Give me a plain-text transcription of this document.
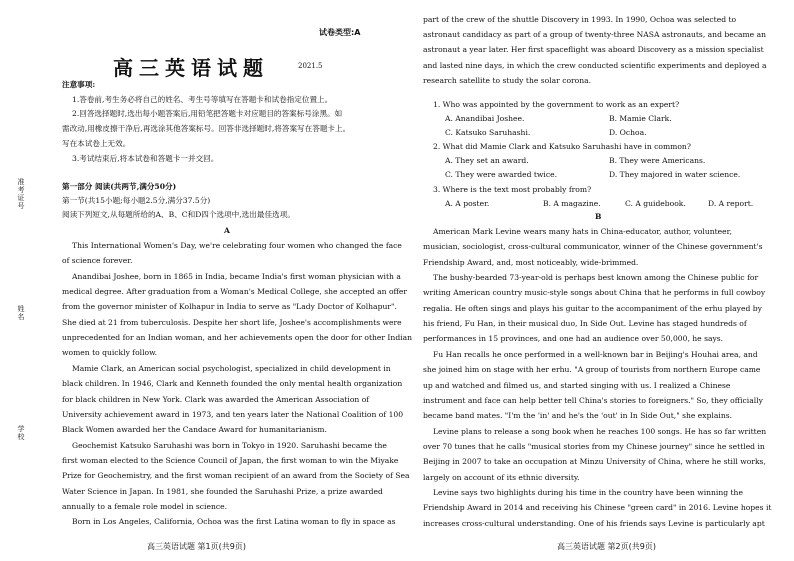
准考证号
姓名
学校
试卷类型:A
高三英语试题	2021.5
注意事项:
1.答卷前,考生务必将自己的姓名、考生号等填写在答题卡和试卷指定位置上。
2.回答选择题时,选出每小题答案后,用铅笔把答题卡对应题目的答案标号涂黑。如
需改动,用橡皮擦干净后,再选涂其他答案标号。回答非选择题时,将答案写在答题卡上。
写在本试卷上无效。
3.考试结束后,将本试卷和答题卡一并交回。
第一部分 阅读(共两节,满分50分)
第一节(共15小题;每小题2.5分,满分37.5分)
阅读下列短文,从每题所给的A、B、C和D四个选项中,选出最佳选项。
A
This International Women's Day, we're celebrating four women who changed the face
of science forever.
Anandibai Joshee, born in 1865 in India, became India's first woman physician with a
medical degree. After graduation from a Woman's Medical College, she accepted an offer
from the governor minister of Kolhapur in India to serve as "Lady Doctor of Kolhapur".
She died at 21 from tuberculosis. Despite her short life, Joshee's accomplishments were
unprecedented for an Indian woman, and her achievements open the door for other Indian
women to quickly follow.
Mamie Clark, an American social psychologist, specialized in child development in
black children. In 1946, Clark and Kenneth founded the only mental health organization
for black children in New York. Clark was awarded the American Association of
University achievement award in 1973, and ten years later the National Coalition of 100
Black Women awarded her the Candace Award for humanitarianism.
Geochemist Katsuko Saruhashi was born in Tokyo in 1920. Saruhashi became the
first woman elected to the Science Council of Japan, the first woman to win the Miyake
Prize for Geochemistry, and the first woman recipient of an award from the Society of Sea
Water Science in Japan. In 1981, she founded the Saruhashi Prize, a prize awarded
annually to a female role model in science.
Born in Los Angeles, California, Ochoa was the first Latina woman to fly in space as
part of the crew of the shuttle Discovery in 1993. In 1990, Ochoa was selected to
astronaut candidacy as part of a group of twenty-three NASA astronauts, and became an
astronaut a year later. Her first spaceflight was aboard Discovery as a mission specialist
and lasted nine days, in which the crew conducted scientific experiments and deployed a
research satellite to study the solar corona.
1. Who was appointed by the government to work as an expert?
A. Anandibai Joshee.	B. Mamie Clark.
C. Katsuko Saruhashi.	D. Ochoa.
2. What did Mamie Clark and Katsuko Saruhashi have in common?
A. They set an award.	B. They were Americans.
C. They were awarded twice.	D. They majored in water science.
3. Where is the text most probably from?
A. A poster.	B. A magazine.	C. A guidebook.	D. A report.
B
American Mark Levine wears many hats in China-educator, author, volunteer,
musician, sociologist, cross-cultural communicator, winner of the Chinese government's
Friendship Award, and, most noticeably, wide-brimmed.
The bushy-bearded 73-year-old is perhaps best known among the Chinese public for
writing American country music-style songs about China that he performs in full cowboy
regalia. He often sings and plays his guitar to the accompaniment of the erhu played by
his friend, Fu Han, in their musical duo, In Side Out. Levine has staged hundreds of
performances in 15 provinces, and one had an audience over 50,000, he says.
Fu Han recalls he once performed in a well-known bar in Beijing's Houhai area, and
she joined him on stage with her erhu. "A group of tourists from northern Europe came
up and watched and filmed us, and started singing with us. I realized a Chinese
instrument and face can help better tell China's stories to foreigners." So, they officially
became band mates. "I'm the 'in' and he's the 'out' in In Side Out," she explains.
Levine plans to release a song book when he reaches 100 songs. He has so far written
over 70 tunes that he calls "musical stories from my Chinese journey" since he settled in
Beijing in 2007 to take an occupation at Minzu University of China, where he still works,
largely on account of its ethnic diversity.
Levine says two highlights during his time in the country have been winning the
Friendship Award in 2014 and receiving his Chinese "green card" in 2016. Levine hopes it
increases cross-cultural understanding. One of his friends says Levine is particularly apt
高三英语试题 第1页(共9页)	高三英语试题 第2页(共9页)
